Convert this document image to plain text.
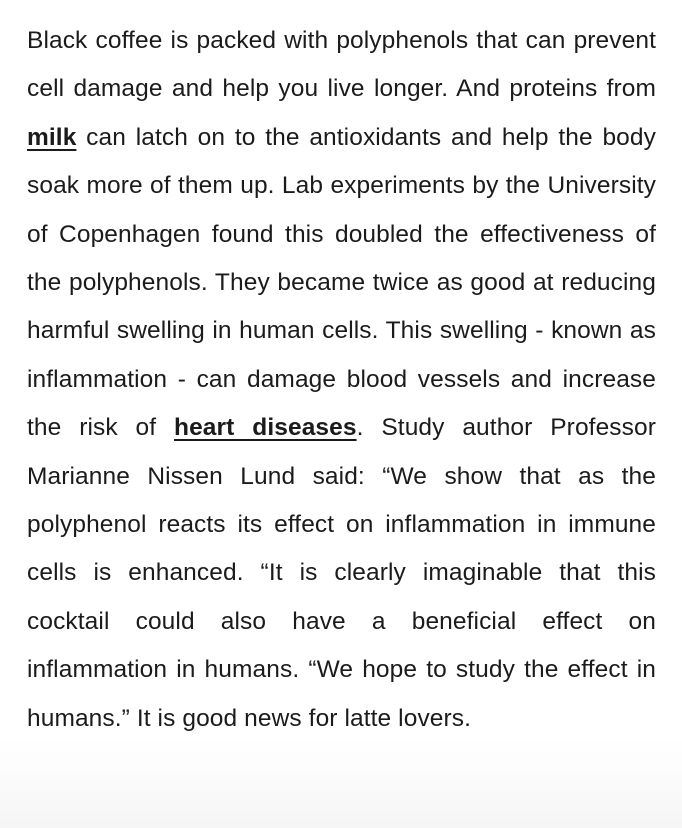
Black coffee is packed with polyphenols that can prevent cell damage and help you live longer. And proteins from milk can latch on to the antioxidants and help the body soak more of them up. Lab experiments by the University of Copenhagen found this doubled the effectiveness of the polyphenols. They became twice as good at reducing harmful swelling in human cells. This swelling - known as inflammation - can damage blood vessels and increase the risk of heart diseases. Study author Professor Marianne Nissen Lund said: “We show that as the polyphenol reacts its effect on inflammation in immune cells is enhanced. “It is clearly imaginable that this cocktail could also have a beneficial effect on inflammation in humans. “We hope to study the effect in humans.” It is good news for latte lovers.
